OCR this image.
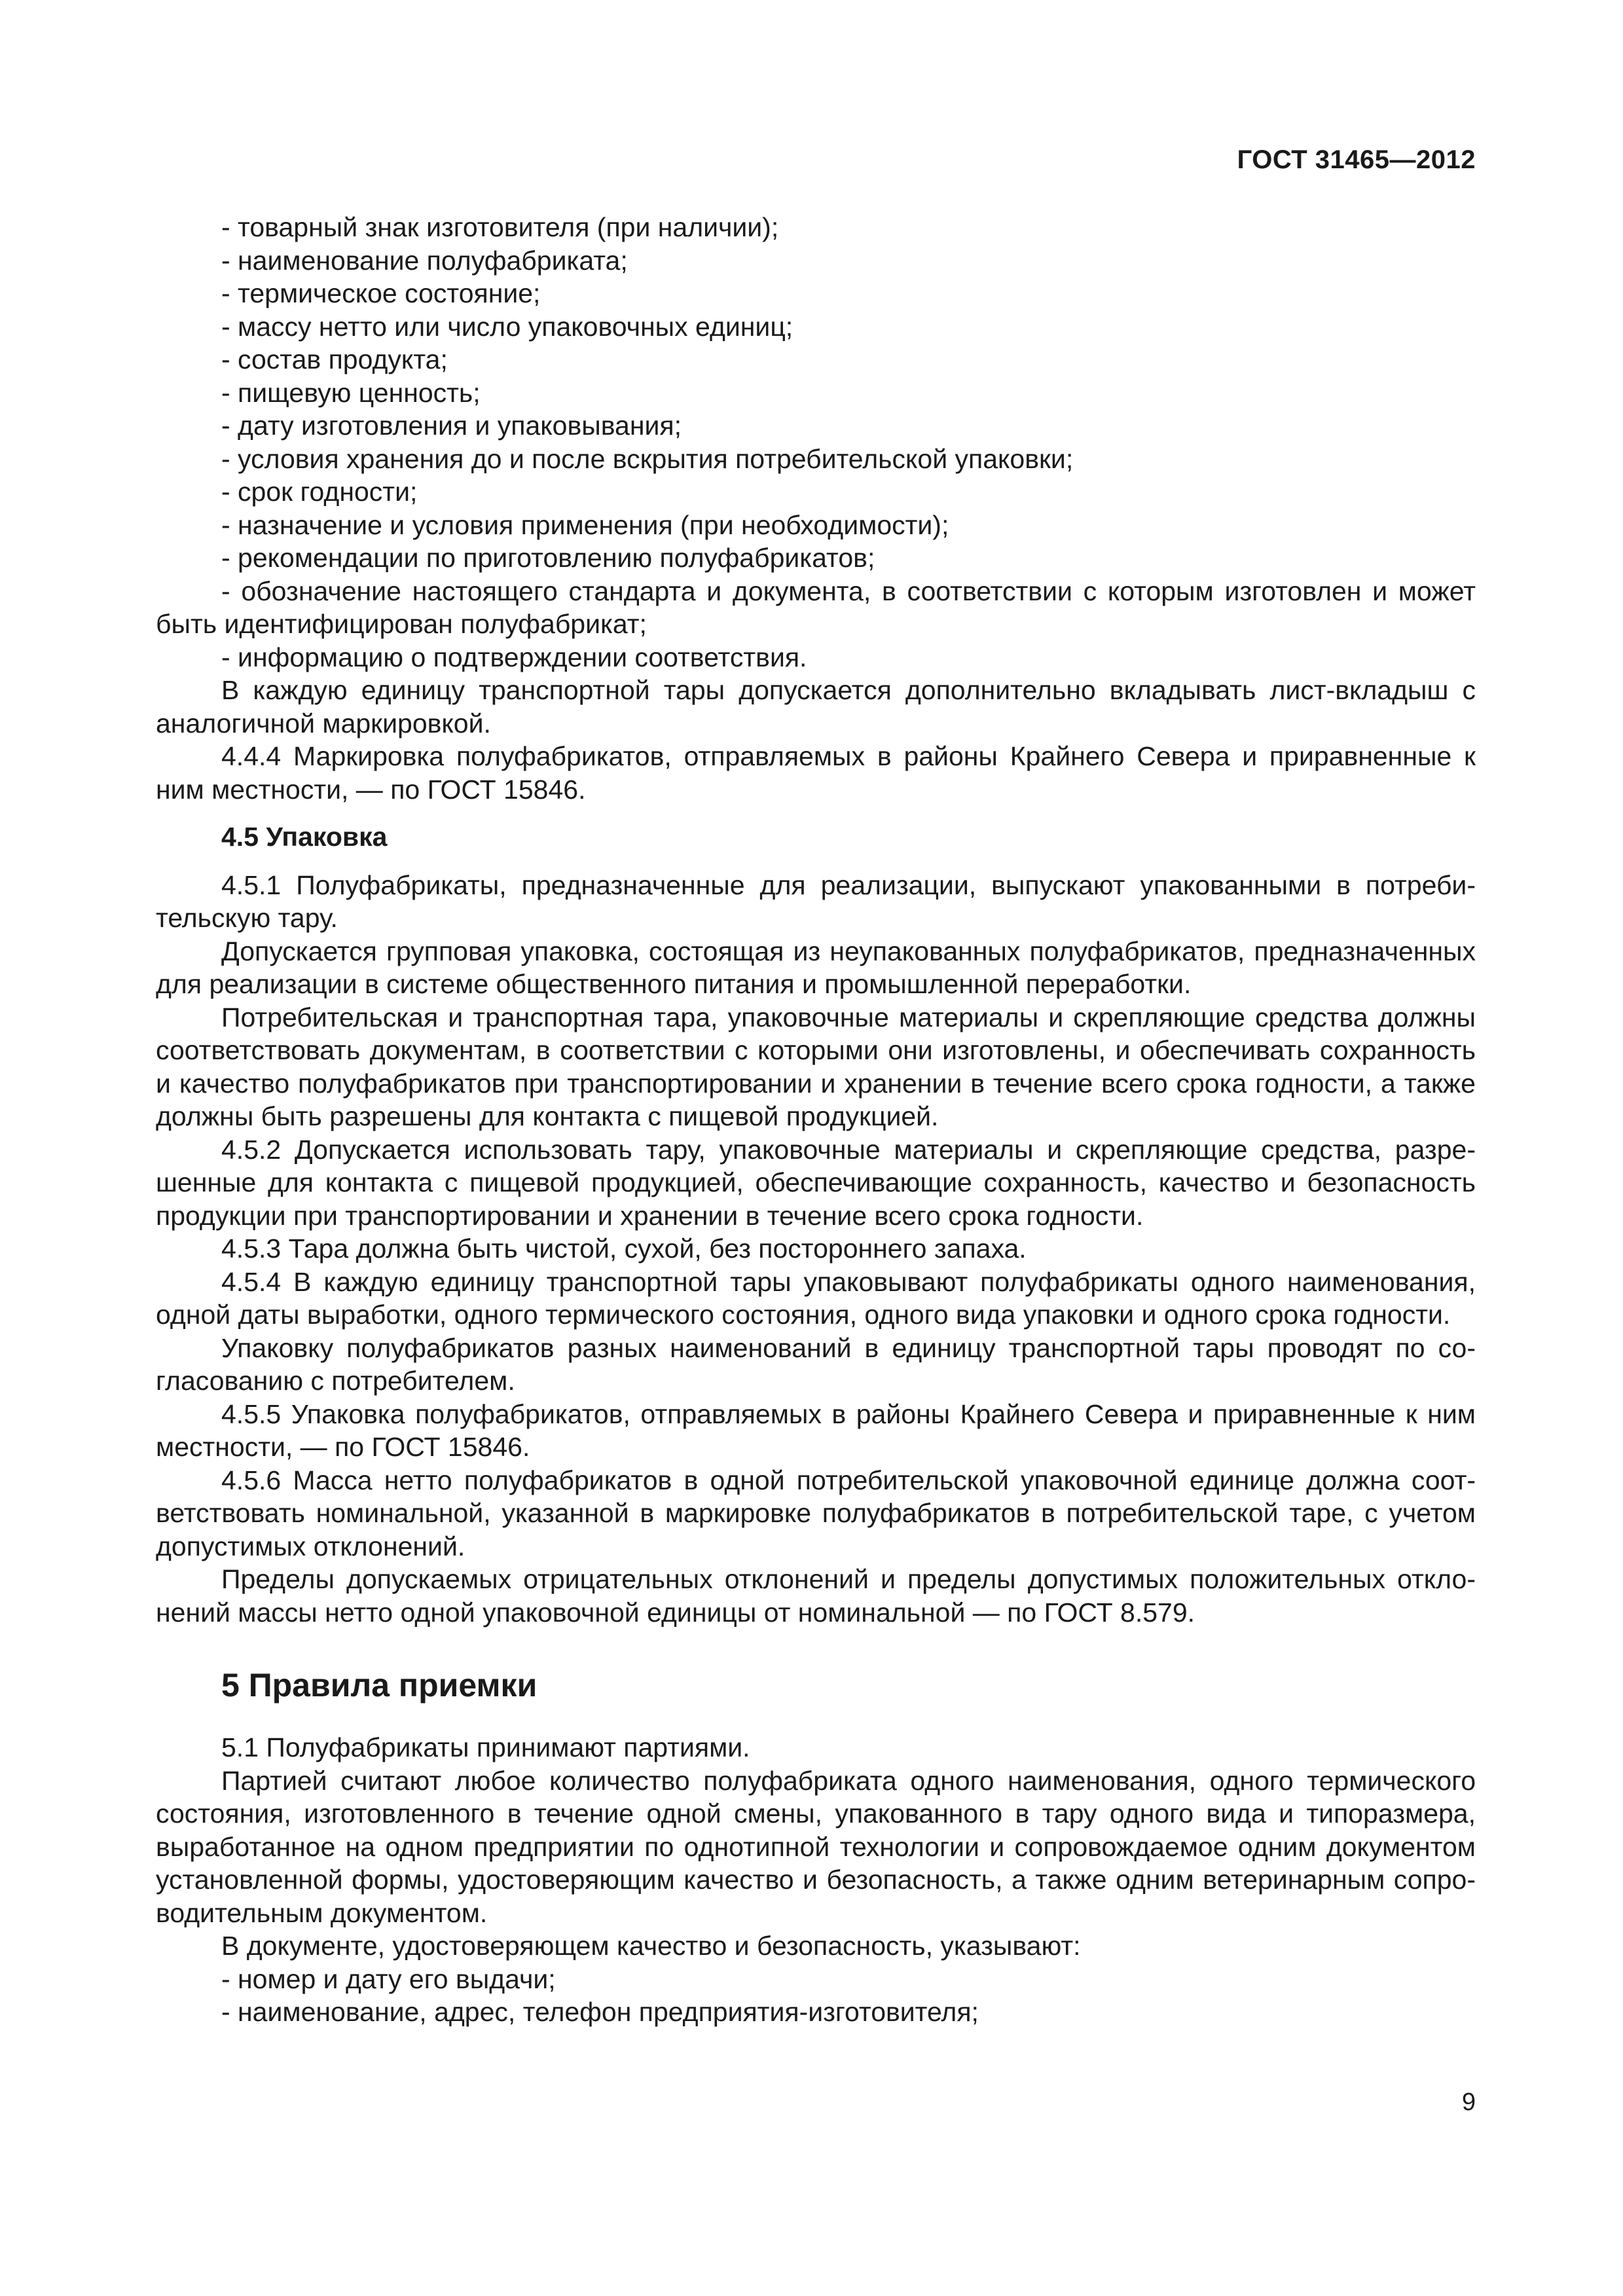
ГОСТ 31465—2012
- товарный знак изготовителя (при наличии);
- наименование полуфабриката;
- термическое состояние;
- массу нетто или число упаковочных единиц;
- состав продукта;
- пищевую ценность;
- дату изготовления и упаковывания;
- условия хранения до и после вскрытия потребительской упаковки;
- срок годности;
- назначение и условия применения (при необходимости);
- рекомендации по приготовлению полуфабрикатов;
- обозначение настоящего стандарта и документа, в соответствии с которым изготовлен и может быть идентифицирован полуфабрикат;
- информацию о подтверждении соответствия.
В каждую единицу транспортной тары допускается дополнительно вкладывать лист-вкладыш с аналогичной маркировкой.
4.4.4 Маркировка полуфабрикатов, отправляемых в районы Крайнего Севера и приравненные к ним местности, — по ГОСТ 15846.
4.5 Упаковка
4.5.1 Полуфабрикаты, предназначенные для реализации, выпускают упакованными в потребительскую тару.
Допускается групповая упаковка, состоящая из неупакованных полуфабрикатов, предназначенных для реализации в системе общественного питания и промышленной переработки.
Потребительская и транспортная тара, упаковочные материалы и скрепляющие средства должны соответствовать документам, в соответствии с которыми они изготовлены, и обеспечивать сохранность и качество полуфабрикатов при транспортировании и хранении в течение всего срока годности, а также должны быть разрешены для контакта с пищевой продукцией.
4.5.2 Допускается использовать тару, упаковочные материалы и скрепляющие средства, разрешенные для контакта с пищевой продукцией, обеспечивающие сохранность, качество и безопасность продукции при транспортировании и хранении в течение всего срока годности.
4.5.3 Тара должна быть чистой, сухой, без постороннего запаха.
4.5.4 В каждую единицу транспортной тары упаковывают полуфабрикаты одного наименования, одной даты выработки, одного термического состояния, одного вида упаковки и одного срока годности.
Упаковку полуфабрикатов разных наименований в единицу транспортной тары проводят по согласованию с потребителем.
4.5.5 Упаковка полуфабрикатов, отправляемых в районы Крайнего Севера и приравненные к ним местности, — по ГОСТ 15846.
4.5.6 Масса нетто полуфабрикатов в одной потребительской упаковочной единице должна соответствовать номинальной, указанной в маркировке полуфабрикатов в потребительской таре, с учетом допустимых отклонений.
Пределы допускаемых отрицательных отклонений и пределы допустимых положительных отклонений массы нетто одной упаковочной единицы от номинальной — по ГОСТ 8.579.
5 Правила приемки
5.1 Полуфабрикаты принимают партиями.
Партией считают любое количество полуфабриката одного наименования, одного термического состояния, изготовленного в течение одной смены, упакованного в тару одного вида и типоразмера, выработанное на одном предприятии по однотипной технологии и сопровождаемое одним документом установленной формы, удостоверяющим качество и безопасность, а также одним ветеринарным сопроводительным документом.
В документе, удостоверяющем качество и безопасность, указывают:
- номер и дату его выдачи;
- наименование, адрес, телефон предприятия-изготовителя;
9
